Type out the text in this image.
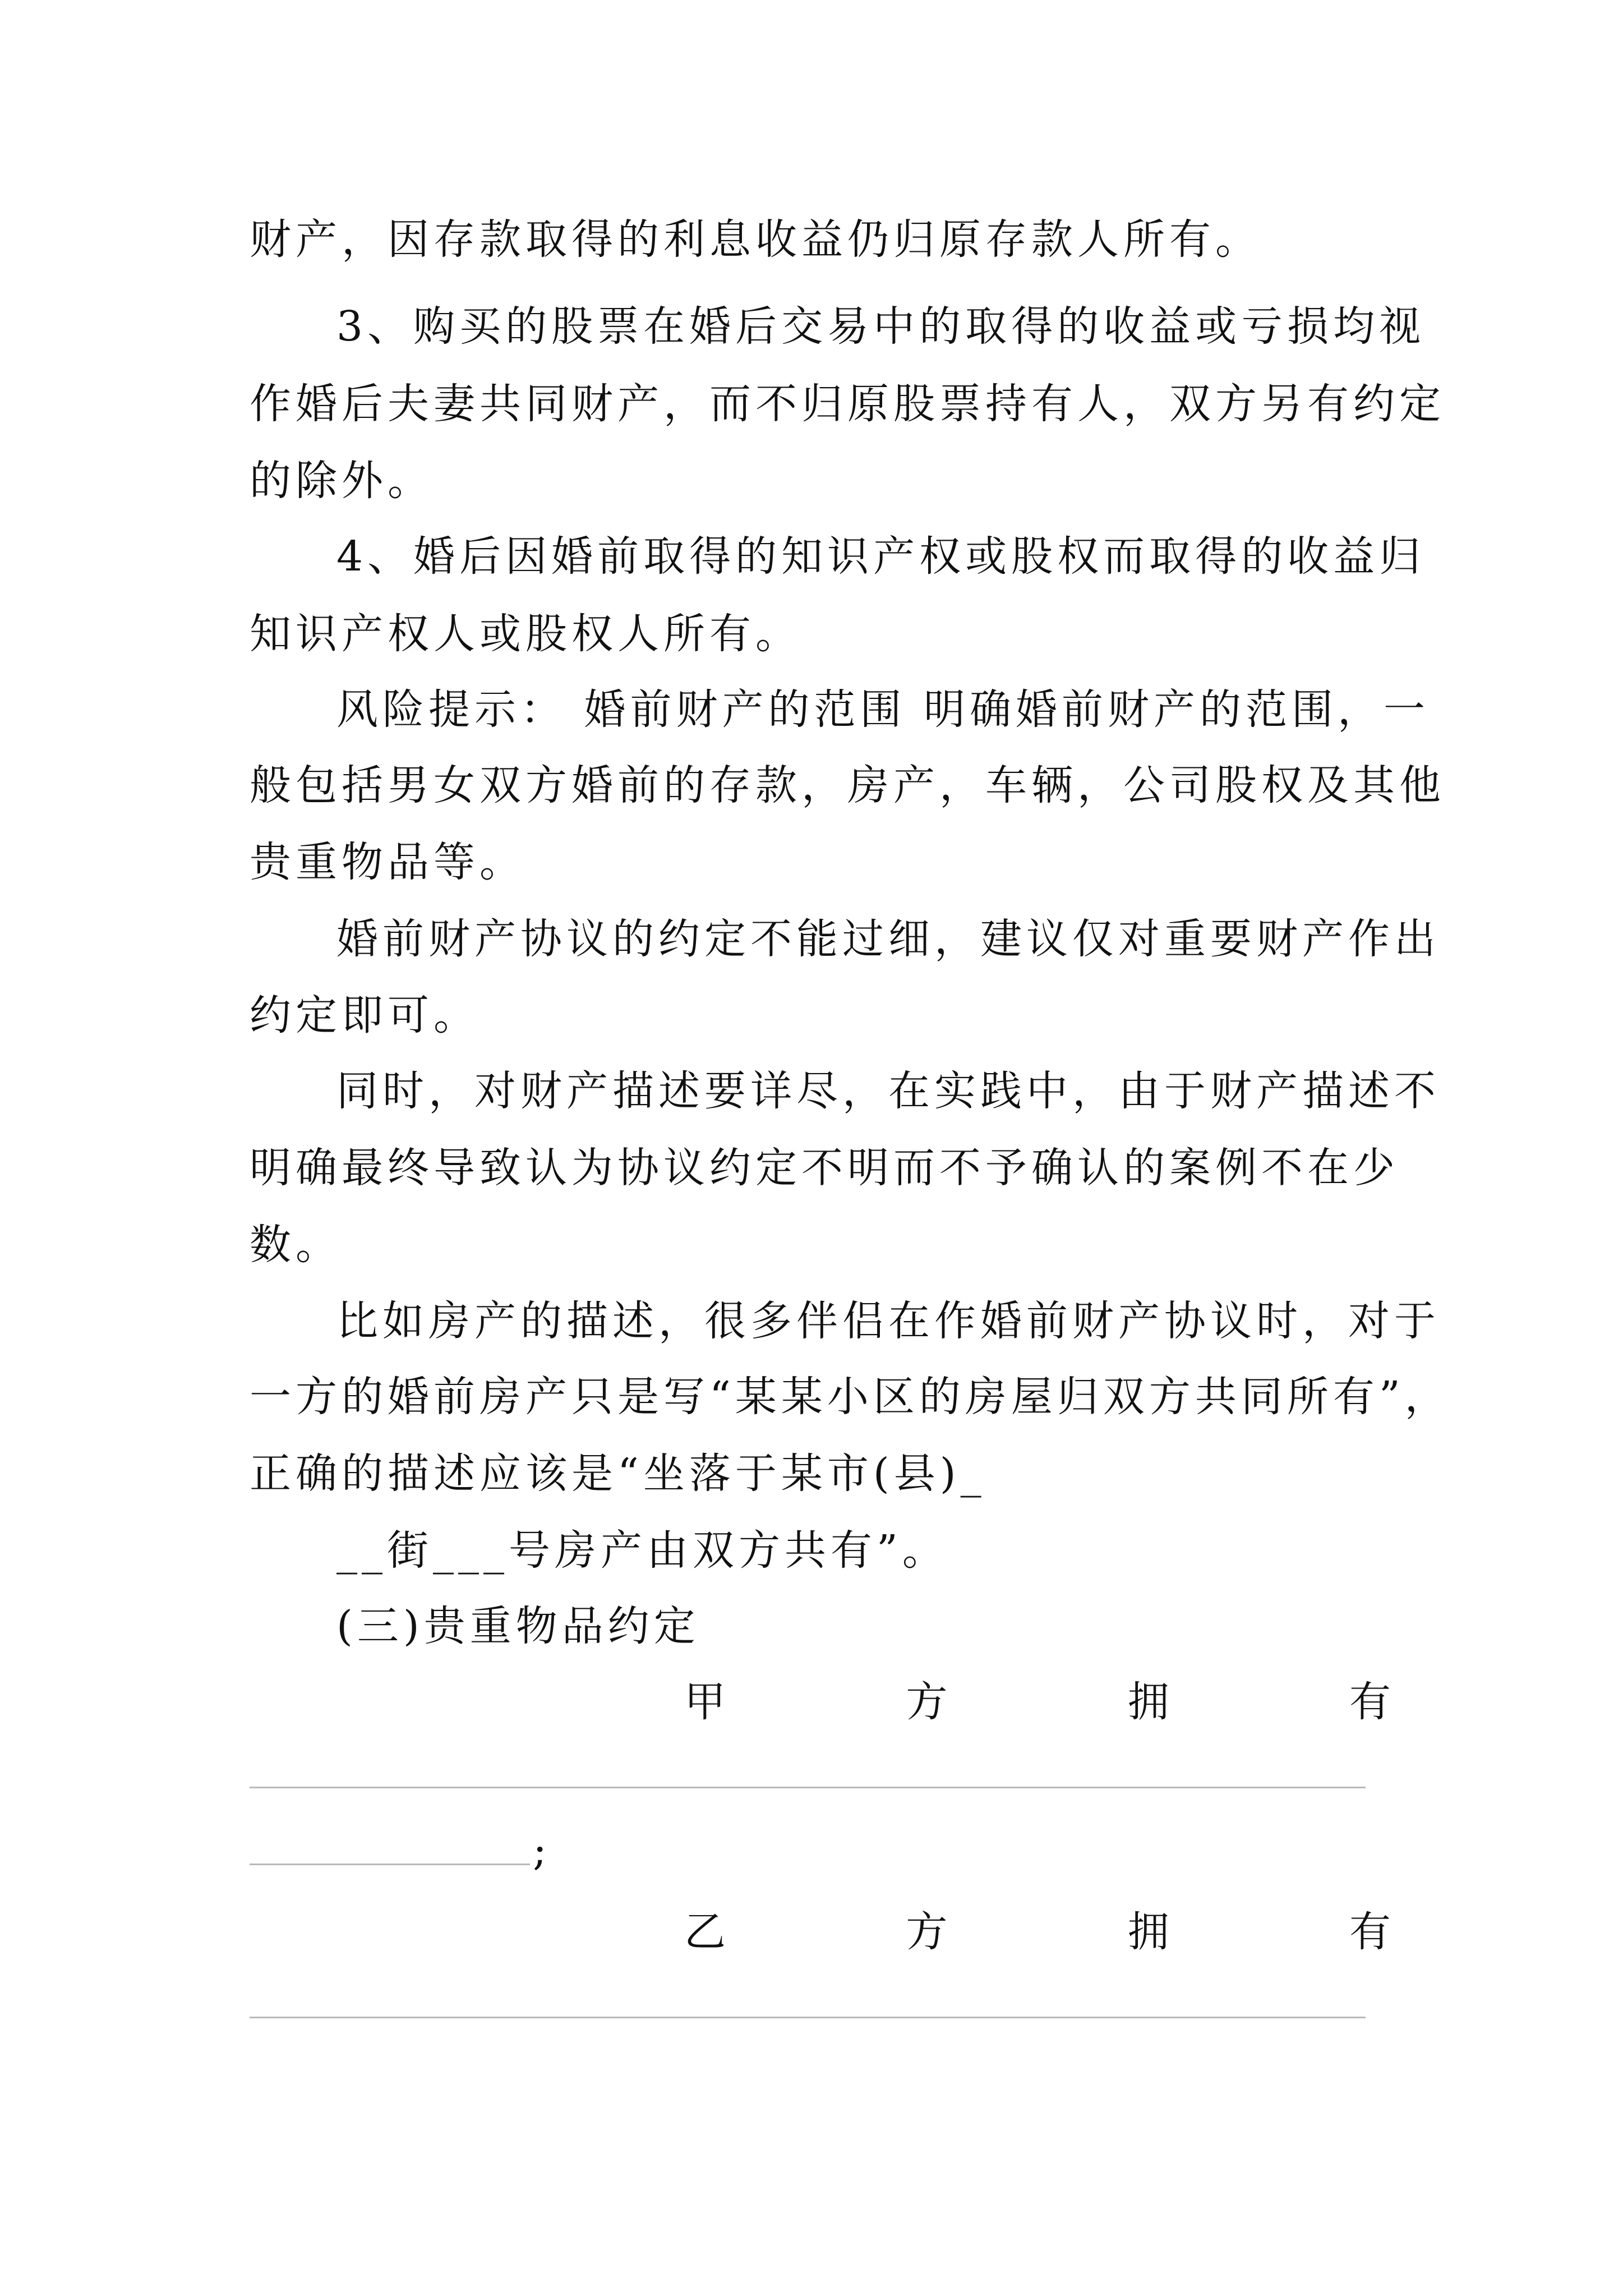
财产，因存款取得的利息收益仍归原存款人所有。
3、购买的股票在婚后交易中的取得的收益或亏损均视
作婚后夫妻共同财产，而不归原股票持有人，双方另有约定
的除外。
4、婚后因婚前取得的知识产权或股权而取得的收益归
知识产权人或股权人所有。
风险提示： 婚前财产的范围 明确婚前财产的范围，一
般包括男女双方婚前的存款，房产，车辆，公司股权及其他
贵重物品等。
婚前财产协议的约定不能过细，建议仅对重要财产作出
约定即可。
同时，对财产描述要详尽，在实践中，由于财产描述不
明确最终导致认为协议约定不明而不予确认的案例不在少
数。
比如房产的描述，很多伴侣在作婚前财产协议时，对于
一方的婚前房产只是写“某某小区的房屋归双方共同所有”，
正确的描述应该是“坐落于某市(县)_
__街___号房产由双方共有”。
(三)贵重物品约定
甲	方	拥	有
;
乙	方	拥	有
